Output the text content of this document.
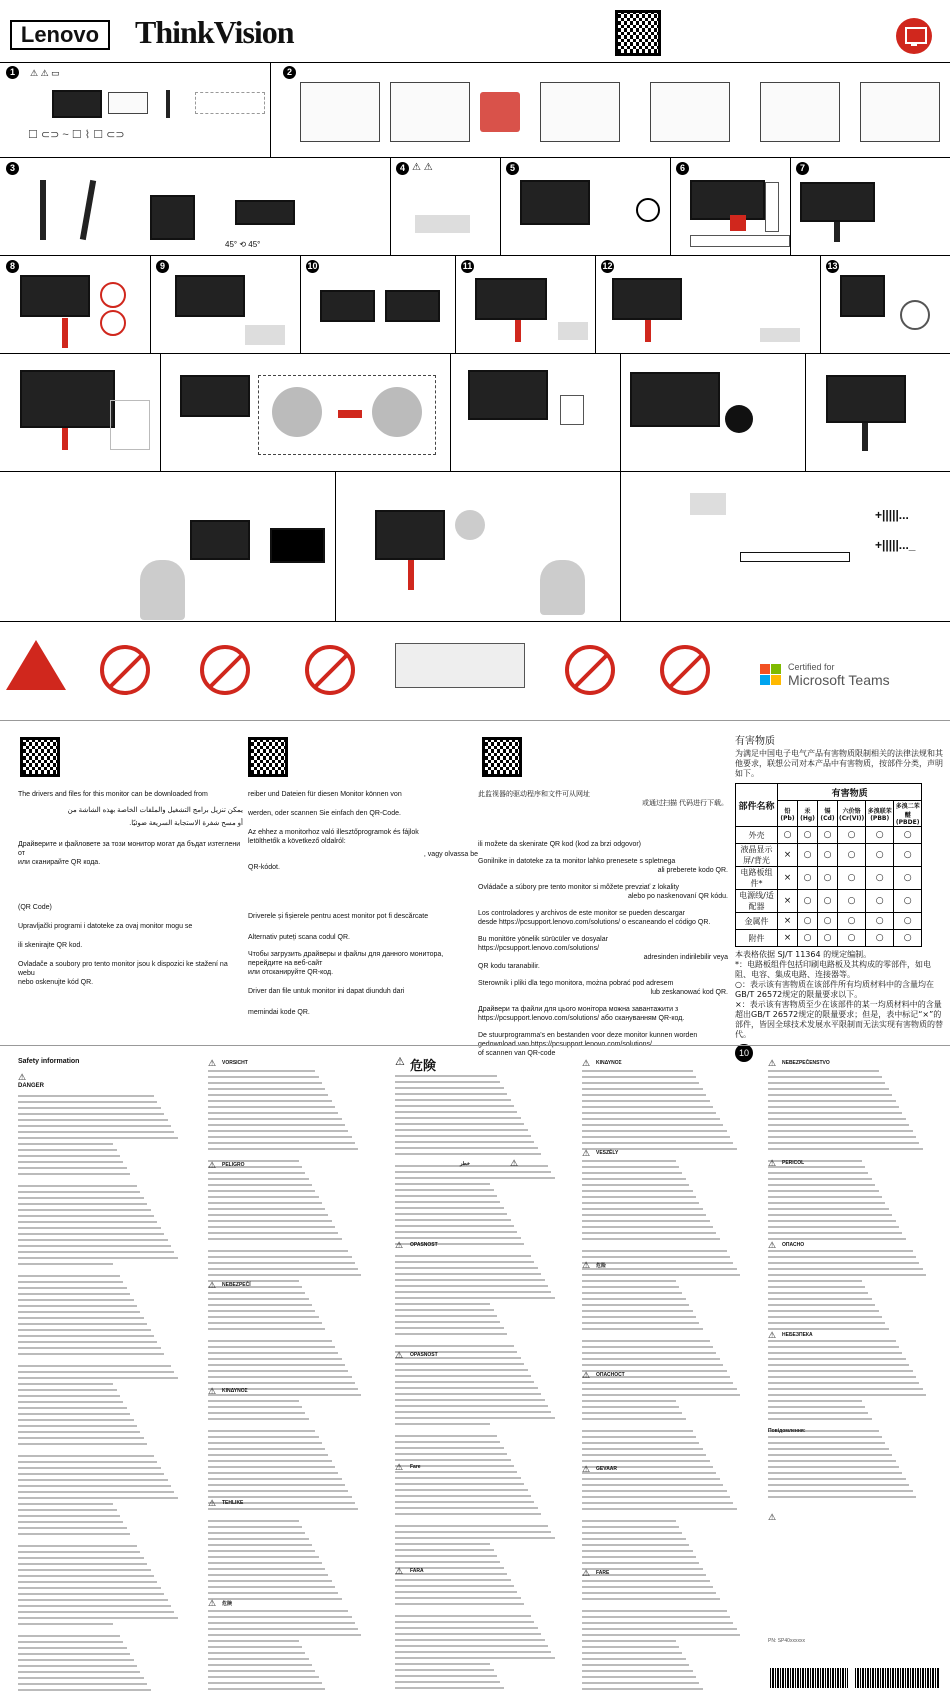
Lenovo	ThinkVision
1	⚠ ⚠ ▭
☐ ⊂⊃ ~ ☐ ⌇ ☐ ⊂⊃
2
3
45° ⟲ 45°
4 ⚠ ⚠	5	6	7
8	9	10	11	12	13
+|||||...
+|||||..._
Certified for
Microsoft Teams
The drivers and files for this monitor can be downloaded from
يمكن تنزيل برامج التشغيل والملفات الخاصة بهذه الشاشة من
أو مسح شفرة الاستجابة السريعة ضوئيًا.
Драйверите и файловете за този монитор могат да бъдат изтеглени от
или сканирайте QR кода.
(QR Code)
Upravljački programi i datoteke za ovaj monitor mogu se
ili skenirajte QR kod.
Ovladače a soubory pro tento monitor jsou k dispozici ke stažení na webu
nebo oskenujte kód QR.
reiber und Dateien für diesen Monitor können von
werden, oder scannen Sie einfach den QR-Code.
Az ehhez a monitorhoz való illesztőprogramok és fájlok
letölthetők a következő oldalról:
, vagy olvassa be
QR-kódot.
Driverele și fișierele pentru acest monitor pot fi descărcate
Alternativ puteți scana codul QR.
Чтобы загрузить драйверы и файлы для данного монитора,
перейдите на веб-сайт
или отсканируйте QR-код.
Driver dan file untuk monitor ini dapat diunduh dari
memindai kode QR.
此监视器的驱动程序和文件可从网址
或通过扫描 代码进行下载。
ili možete da skenirate QR kod (kod za brzi odgovor)
Gonilnike in datoteke za ta monitor lahko prenesete s spletnega
ali preberete kodo QR.
Ovládače a súbory pre tento monitor si môžete prevziať z lokality
alebo po naskenovaní QR kódu.
Los controladores y archivos de este monitor se pueden descargar
desde https://pcsupport.lenovo.com/solutions/ o escaneando el código QR.
Bu monitöre yönelik sürücüler ve dosyalar
https://pcsupport.lenovo.com/solutions/
adresinden indirilebilir veya
QR kodu taranabilir.
Sterownik i pliki dla tego monitora, można pobrać pod adresem
lub zeskanować kod QR.
Драйвери та файли для цього монітора можна завантажити з
https://pcsupport.lenovo.com/solutions/ або скануванням QR-код.
De stuurprogramma's en bestanden voor deze monitor kunnen worden
of scannen van QR-code
有害物质
为满足中国电子电气产品有害物质限制相关的法律法规和其他要求，联想公司对本产品中有害物质，按部件分类，声明如下。
部件名称	有害物质					
	铅 (Pb)	汞 (Hg)	镉 (Cd)	六价铬 (Cr(VI))	多溴联苯 (PBB)	多溴二苯醚 (PBDE)
外壳	○	○	○	○	○	○
液晶显示屏/背光	×	○	○	○	○	○
电路板组件*	×	○	○	○	○	○
电源线/适配器	×	○	○	○	○	○
金属件	×	○	○	○	○	○
附件	×	○	○	○	○	○
本表格依据 SJ/T 11364 的规定编制。
*：电路板组件包括印刷电路板及其构成的零部件，如电阻、电容、集成电路、连接器等。
○：表示该有害物质在该部件所有均质材料中的含量均在GB/T 26572规定的限量要求以下。
×：表示该有害物质至少在该部件的某一均质材料中的含量超出GB/T 26572规定的限量要求；但是，表中标记“×”的部件，皆因全球技术发展水平限制而无法实现有害物质的替代。
10
Safety information
⚠
DANGER
⚠ VORSICHT
⚠ PELIGRO
⚠ NEBEZPEČÍ
⚠ ΚΙΝΔΥΝΟΣ
⚠ TEHLIKE
⚠ 危険
⚠ 危険
⚠
خطر
⚠ OPASNOST
⚠ OPASNOST
⚠ Fare
⚠ FARA
⚠ ΚΙΝΔΥΝΟΣ
⚠ VESZÉLY
⚠ 危险
⚠ ОПАСНОСТ
⚠ GEVAAR
⚠ FARE
⚠ NEBEZPEČENSTVO
⚠ PERICOL
⚠ ОПАСНО
⚠ НЕБЕЗПЕКА
Повідомлення:
⚠
PN: SP40xxxxxx
